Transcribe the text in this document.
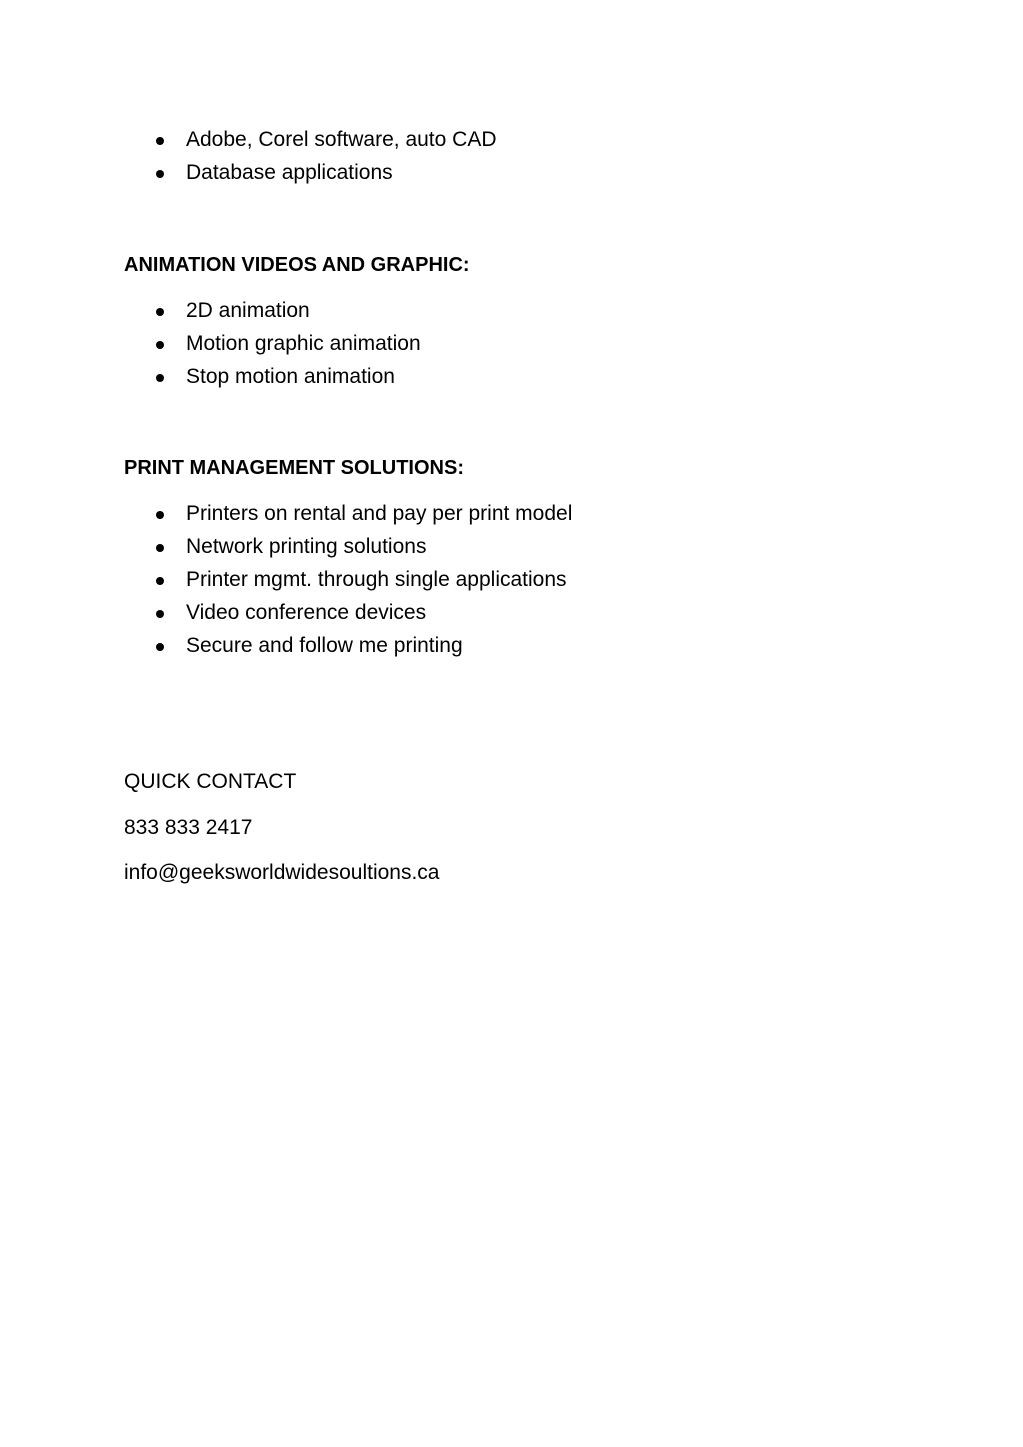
Adobe, Corel software, auto CAD
Database applications
ANIMATION VIDEOS AND GRAPHIC:
2D animation
Motion graphic animation
Stop motion animation
PRINT MANAGEMENT SOLUTIONS:
Printers on rental and pay per print model
Network printing solutions
Printer mgmt. through single applications
Video conference devices
Secure and follow me printing
QUICK CONTACT
833 833 2417
info@geeksworldwidesoultions.ca
